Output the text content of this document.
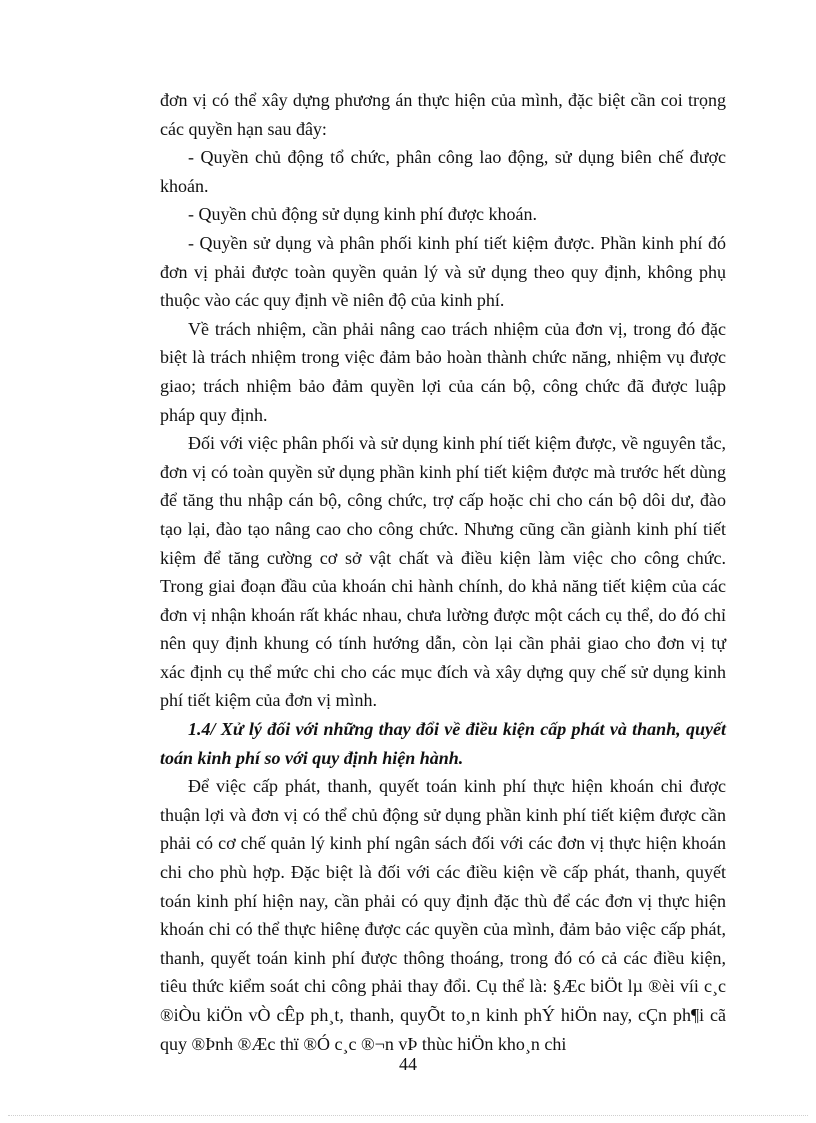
đơn vị có thể xây dựng phương án thực hiện của mình, đặc biệt cần coi trọng các quyền hạn sau đây:

- Quyền chủ động tổ chức, phân công lao động, sử dụng biên chế được khoán.

- Quyền chủ động sử dụng kinh phí được khoán.

- Quyền sử dụng và phân phối kinh phí tiết kiệm được. Phần kinh phí đó đơn vị phải được toàn quyền quản lý và sử dụng theo quy định, không phụ thuộc vào các quy định về niên độ của kinh phí.

Về trách nhiệm, cần phải nâng cao trách nhiệm của đơn vị, trong đó đặc biệt là trách nhiệm trong việc đảm bảo hoàn thành chức năng, nhiệm vụ được giao; trách nhiệm bảo đảm quyền lợi của cán bộ, công chức đã được luập pháp quy định.

Đối với việc phân phối và sử dụng kinh phí tiết kiệm được, về nguyên tắc, đơn vị có toàn quyền sử dụng phần kinh phí tiết kiệm được mà trước hết dùng để tăng thu nhập cán bộ, công chức, trợ cấp hoặc chi cho cán bộ dôi dư, đào tạo lại, đào tạo nâng cao cho công chức. Nhưng cũng cần giành kinh phí tiết kiệm để tăng cường cơ sở vật chất và điều kiện làm việc cho công chức. Trong giai đoạn đầu của khoán chi hành chính, do khả năng tiết kiệm của các đơn vị nhận khoán rất khác nhau, chưa lường được một cách cụ thể, do đó chỉ nên quy định khung có tính hướng dẫn, còn lại cần phải giao cho đơn vị tự xác định cụ thể mức chi cho các mục đích và xây dựng quy chế sử dụng kinh phí tiết kiệm của đơn vị mình.

1.4/ Xử lý đối với những thay đổi về điều kiện cấp phát và thanh, quyết toán kinh phí so với quy định hiện hành.

Để việc cấp phát, thanh, quyết toán kinh phí thực hiện khoán chi được thuận lợi và đơn vị có thể chủ động sử dụng phần kinh phí tiết kiệm được cần phải có cơ chế quản lý kinh phí ngân sách đối với các đơn vị thực hiện khoán chi cho phù hợp. Đặc biệt là đối với các điều kiện về cấp phát, thanh, quyết toán kinh phí hiện nay, cần phải có quy định đặc thù để các đơn vị thực hiện khoán chi có thể thực hiênẹ được các quyền của mình, đảm bảo việc cấp phát, thanh, quyết toán kinh phí được thông thoáng, trong đó có cả các điều kiện, tiêu thức kiểm soát chi công phải thay đổi. Cụ thể là: §Æc biÖt lµ ®èi víi c¸c ®iÒu kiÖn vÒ cÊp ph¸t, thanh, quyÕt to¸n kinh phÝ hiÖn nay, cÇn ph¶i cã quy ®Þnh ®Æc thï ®Ó c¸c ®¬n vÞ thùc hiÖn kho¸n chi

44
